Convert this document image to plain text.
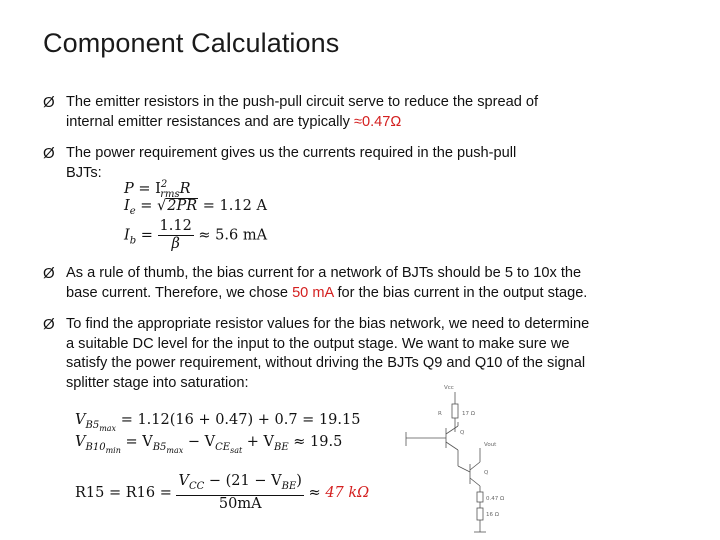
Component Calculations
Ø The emitter resistors in the push-pull circuit serve to reduce the spread of
internal emitter resistances and are typically ≈0.47Ω
Ø The power requirement gives us the currents required in the push-pull
BJTs:
$P = I^2_{rms}R$
$I_e = √2PR = 1.12$ A
$I_b = \frac{1.12}{\beta} \approx 5.6$ mA
Ø As a rule of thumb, the bias current for a network of BJTs should be 5 to 10x the
base current. Therefore, we chose 50 mA for the bias current in the output stage.
Ø To find the appropriate resistor values for the bias network, we need to determine
a suitable DC level for the input to the output stage. We want to make sure we
satisfy the power requirement, without driving the BJTs Q9 and Q10 of the signal
splitter stage into saturation:
$V_{B5_{max}} = 1.12(16 + 0.47) + 0.7 = 19.15$
$V_{B10_{min}} = V_{B5_{max}} - V_{CE_{sat}} + V_{BE} \approx 19.5$
$R15 = R16 = \frac{V_{CC} - (21 - V_{BE})}{50mA} \approx 47$ kΩ
Vcc
R	17 Ω
Q
Q
Vout
0.47 Ω
16 Ω
